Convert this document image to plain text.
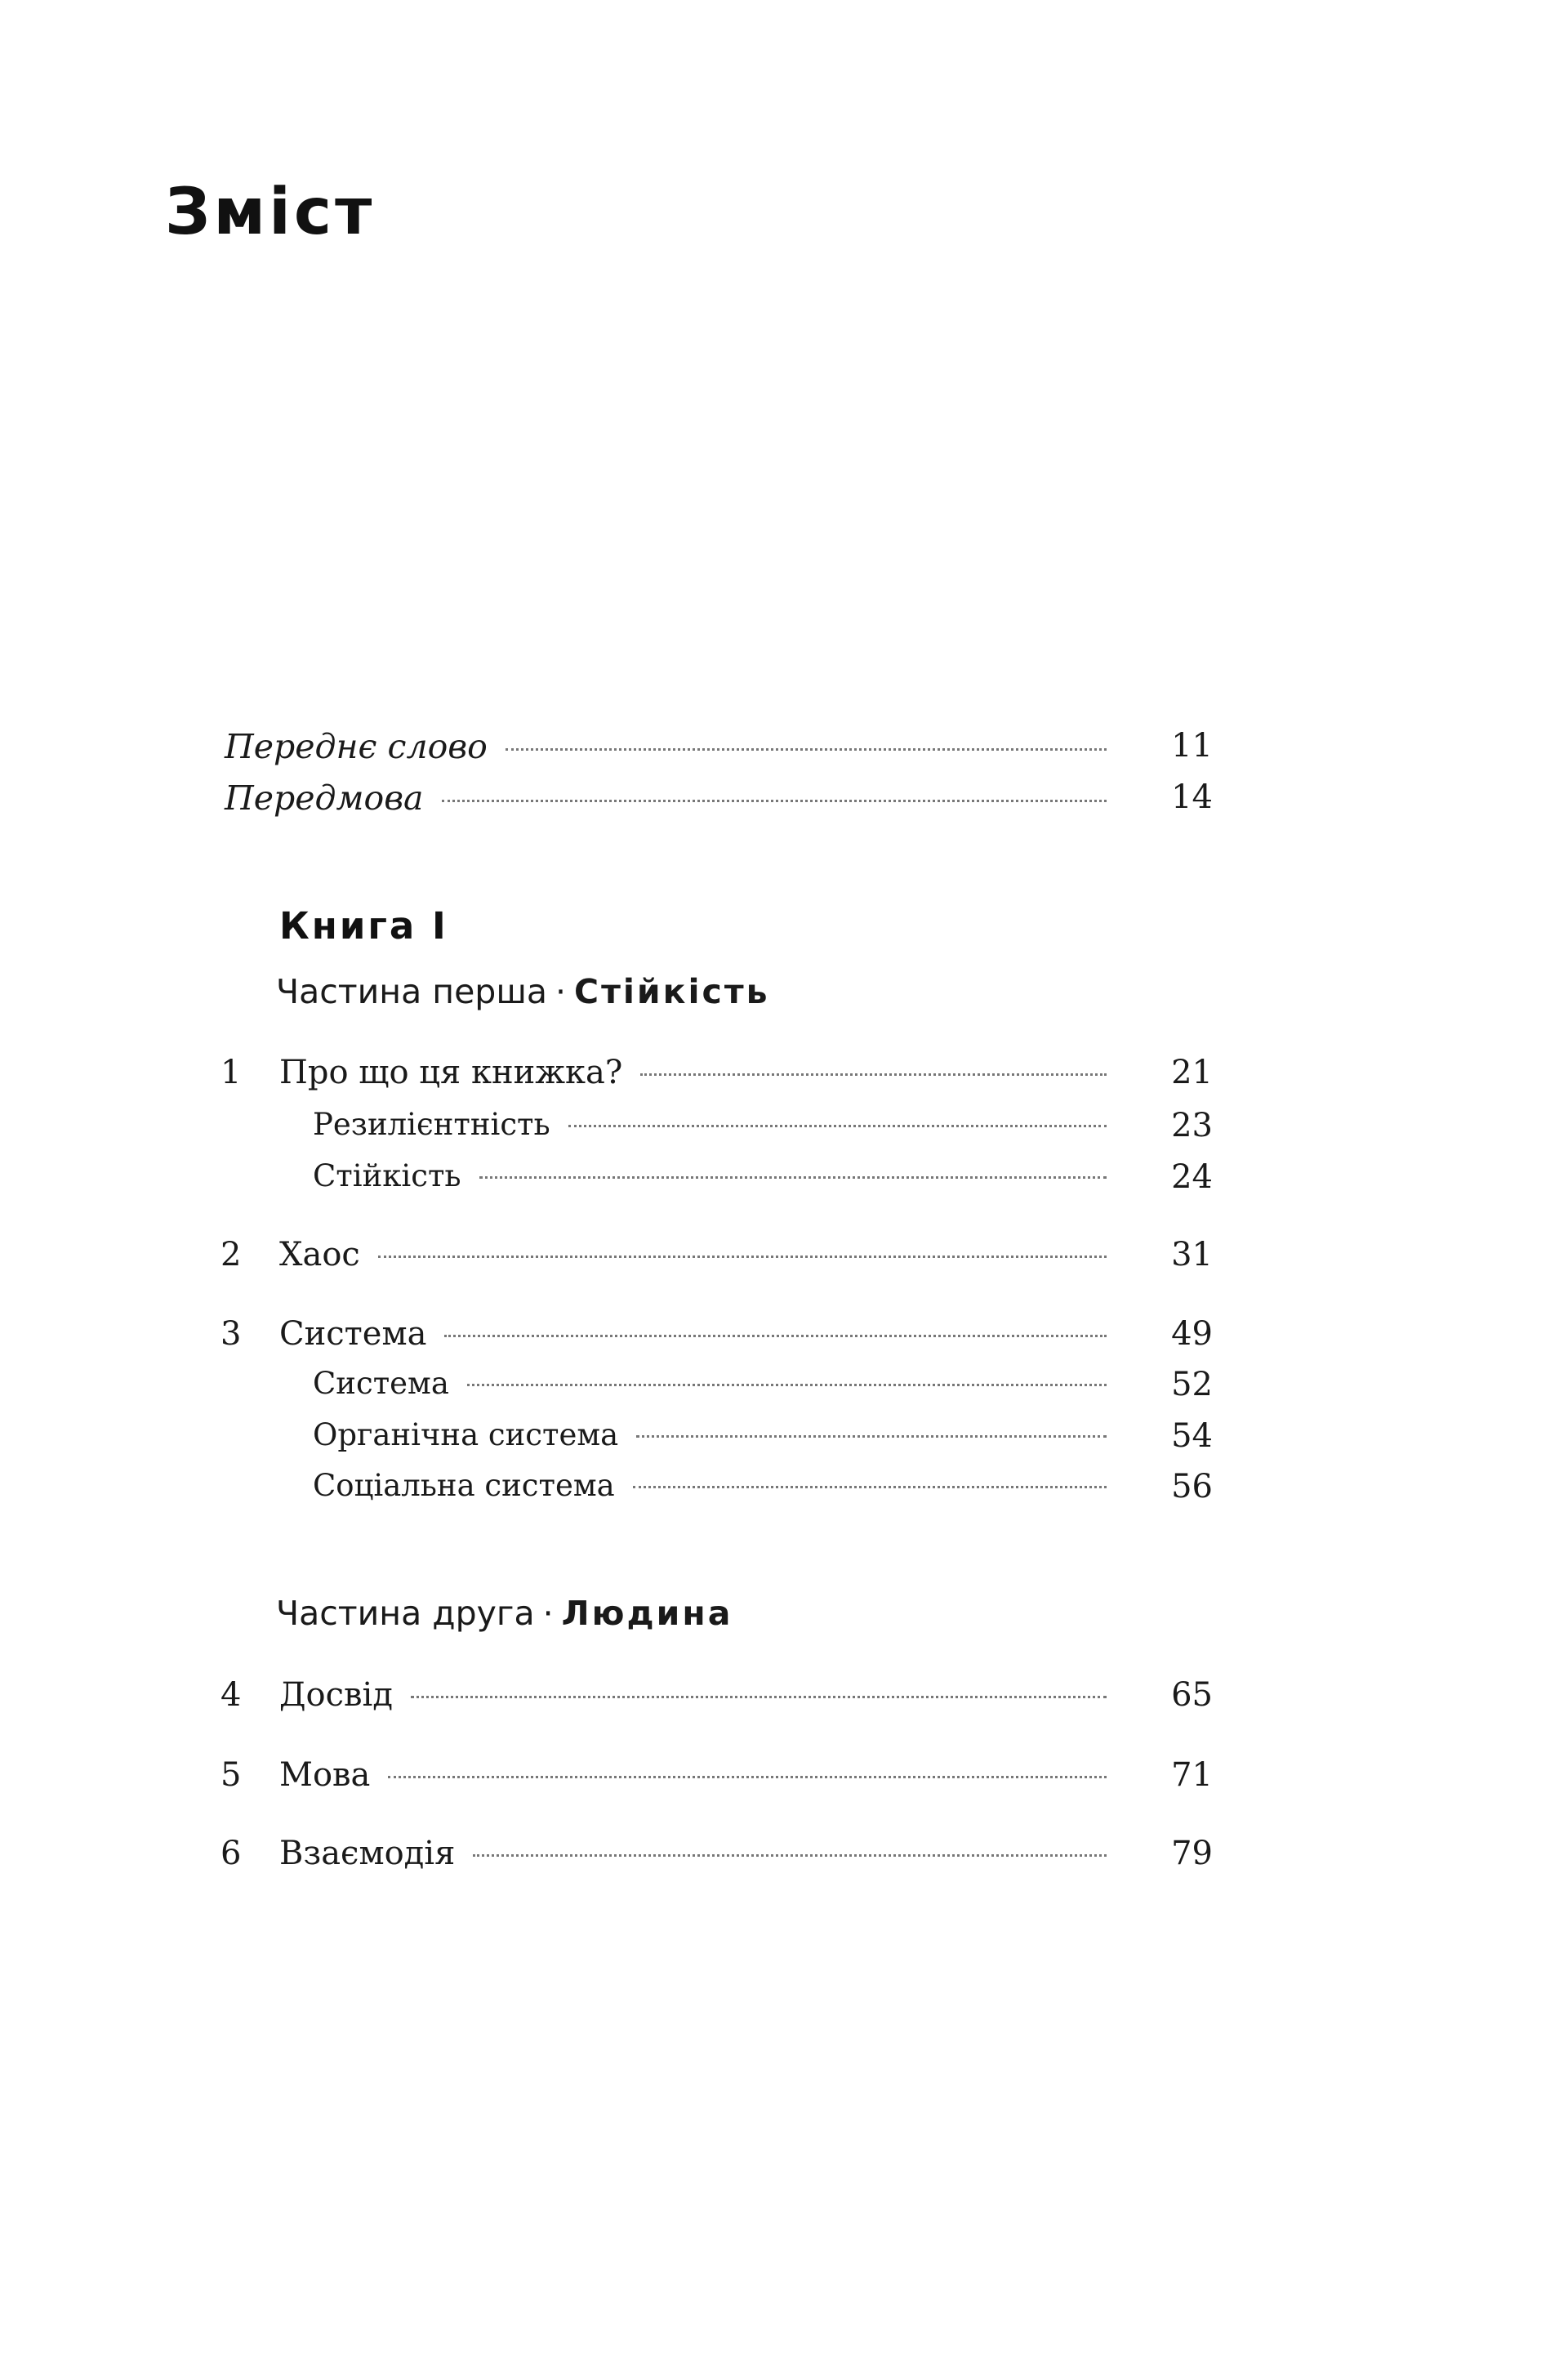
Зміст
Переднє слово	11
Передмова	14
Книга І
Частина перша · Стійкість
1	Про що ця книжка?	21
Резилієнтність	23
Стійкість	24
2	Хаос	31
3	Система	49
Система	52
Органічна система	54
Соціальна система	56
Частина друга · Людина
4	Досвід	65
5	Мова	71
6	Взаємодія	79
